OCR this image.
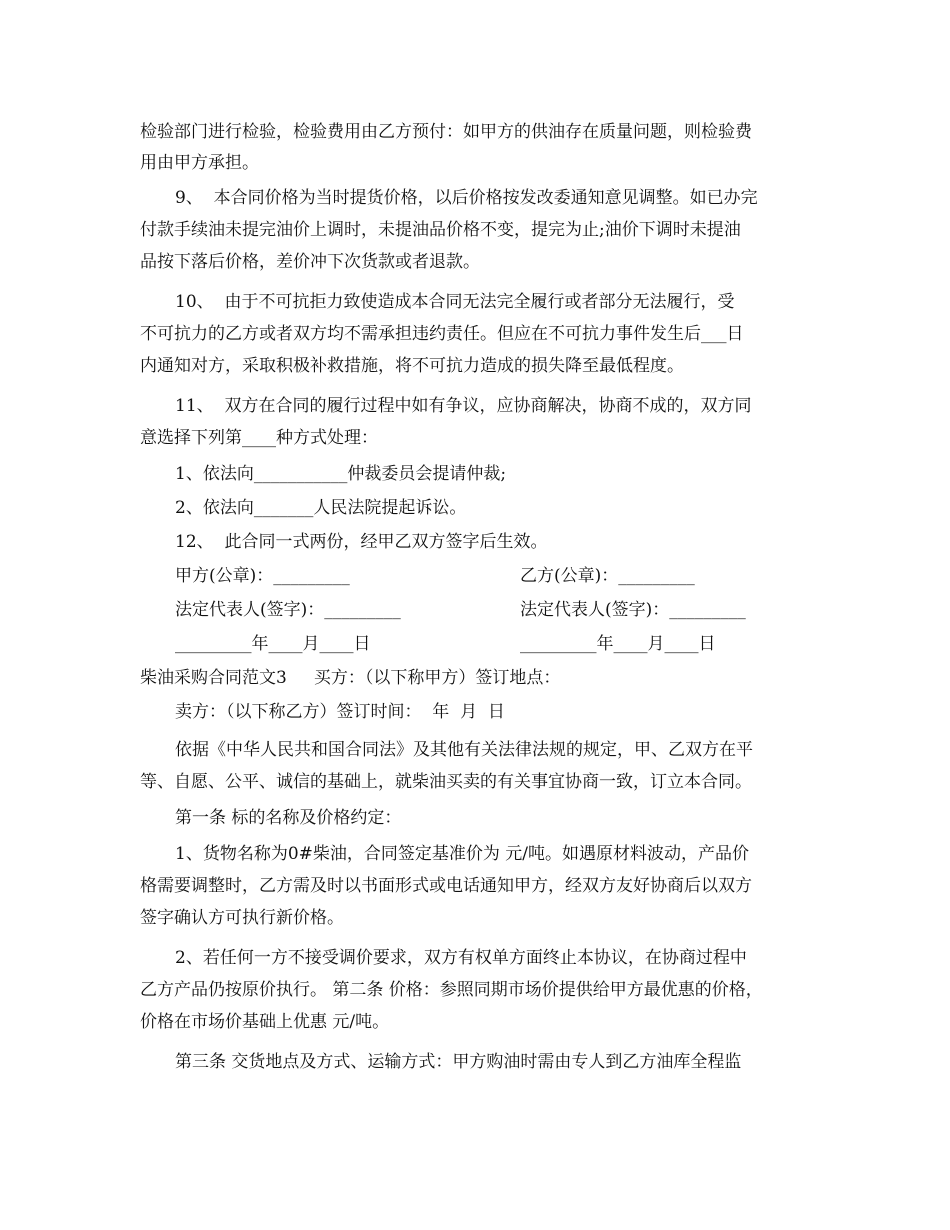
检验部门进行检验，检验费用由乙方预付：如甲方的供油存在质量问题，则检验费
用由甲方承担。
9、  本合同价格为当时提货价格，以后价格按发改委通知意见调整。如已办完
付款手续油未提完油价上调时，未提油品价格不变，提完为止;油价下调时未提油
品按下落后价格，差价冲下次货款或者退款。
10、  由于不可抗拒力致使造成本合同无法完全履行或者部分无法履行，受
不可抗力的乙方或者双方均不需承担违约责任。但应在不可抗力事件发生后___日
内通知对方，采取积极补救措施，将不可抗力造成的损失降至最低程度。
11、  双方在合同的履行过程中如有争议，应协商解决，协商不成的，双方同
意选择下列第____种方式处理：
1、依法向___________仲裁委员会提请仲裁;
2、依法向_______人民法院提起诉讼。
12、  此合同一式两份，经甲乙双方签字后生效。
甲方(公章)：_________	乙方(公章)：_________
法定代表人(签字)：_________	法定代表人(签字)：_________
_________年____月____日	_________年____月____日
柴油采购合同范文3     买方：（以下称甲方）签订地点：
卖方：（以下称乙方）签订时间：  年  月  日
依据《中华人民共和国合同法》及其他有关法律法规的规定，甲、乙双方在平
等、自愿、公平、诚信的基础上，就柴油买卖的有关事宜协商一致，订立本合同。
第一条 标的名称及价格约定：
1、货物名称为0#柴油，合同签定基准价为 元/吨。如遇原材料波动，产品价
格需要调整时，乙方需及时以书面形式或电话通知甲方，经双方友好协商后以双方
签字确认方可执行新价格。
2、若任何一方不接受调价要求，双方有权单方面终止本协议，在协商过程中
乙方产品仍按原价执行。 第二条 价格：参照同期市场价提供给甲方最优惠的价格，
价格在市场价基础上优惠 元/吨。
第三条 交货地点及方式、运输方式：甲方购油时需由专人到乙方油库全程监
